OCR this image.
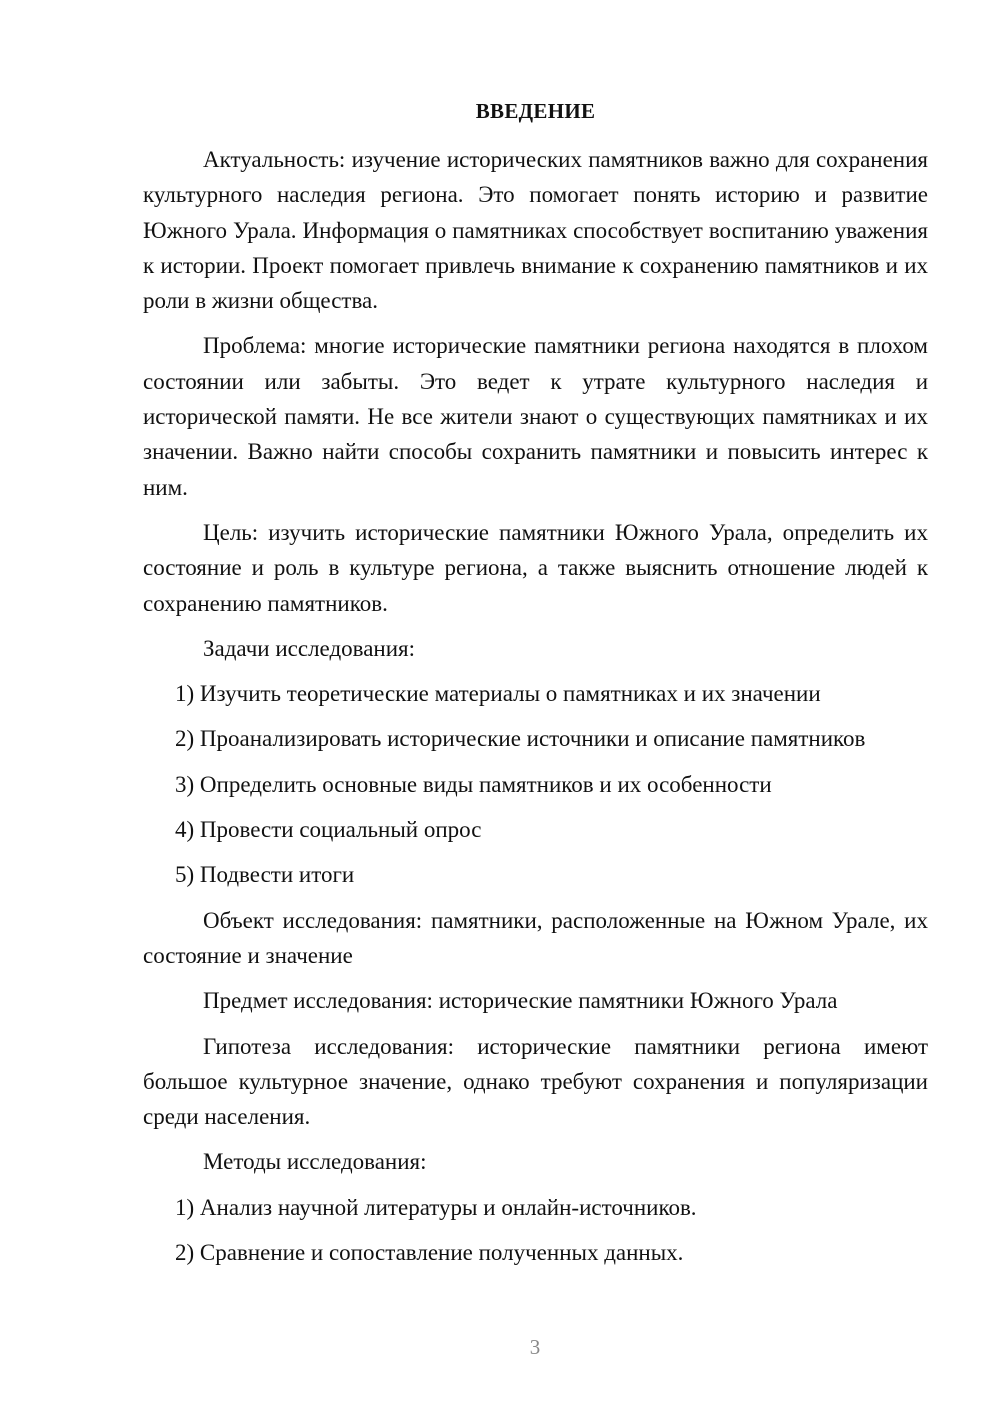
ВВЕДЕНИЕ

Актуальность: изучение исторических памятников важно для сохранения культурного наследия региона. Это помогает понять историю и развитие Южного Урала. Информация о памятниках способствует воспитанию уважения к истории. Проект помогает привлечь внимание к сохранению памятников и их роли в жизни общества.

Проблема: многие исторические памятники региона находятся в плохом состоянии или забыты. Это ведет к утрате культурного наследия и исторической памяти. Не все жители знают о существующих памятниках и их значении. Важно найти способы сохранить памятники и повысить интерес к ним.

Цель: изучить исторические памятники Южного Урала, определить их состояние и роль в культуре региона, а также выяснить отношение людей к сохранению памятников.

Задачи исследования:

1) Изучить теоретические материалы о памятниках и их значении

2) Проанализировать исторические источники и описание памятников

3) Определить основные виды памятников и их особенности

4) Провести социальный опрос

5) Подвести итоги

Объект исследования: памятники, расположенные на Южном Урале, их состояние и значение

Предмет исследования: исторические памятники Южного Урала

Гипотеза исследования: исторические памятники региона имеют большое культурное значение, однако требуют сохранения и популяризации среди населения.

Методы исследования:

1) Анализ научной литературы и онлайн-источников.

2) Сравнение и сопоставление полученных данных.

3
